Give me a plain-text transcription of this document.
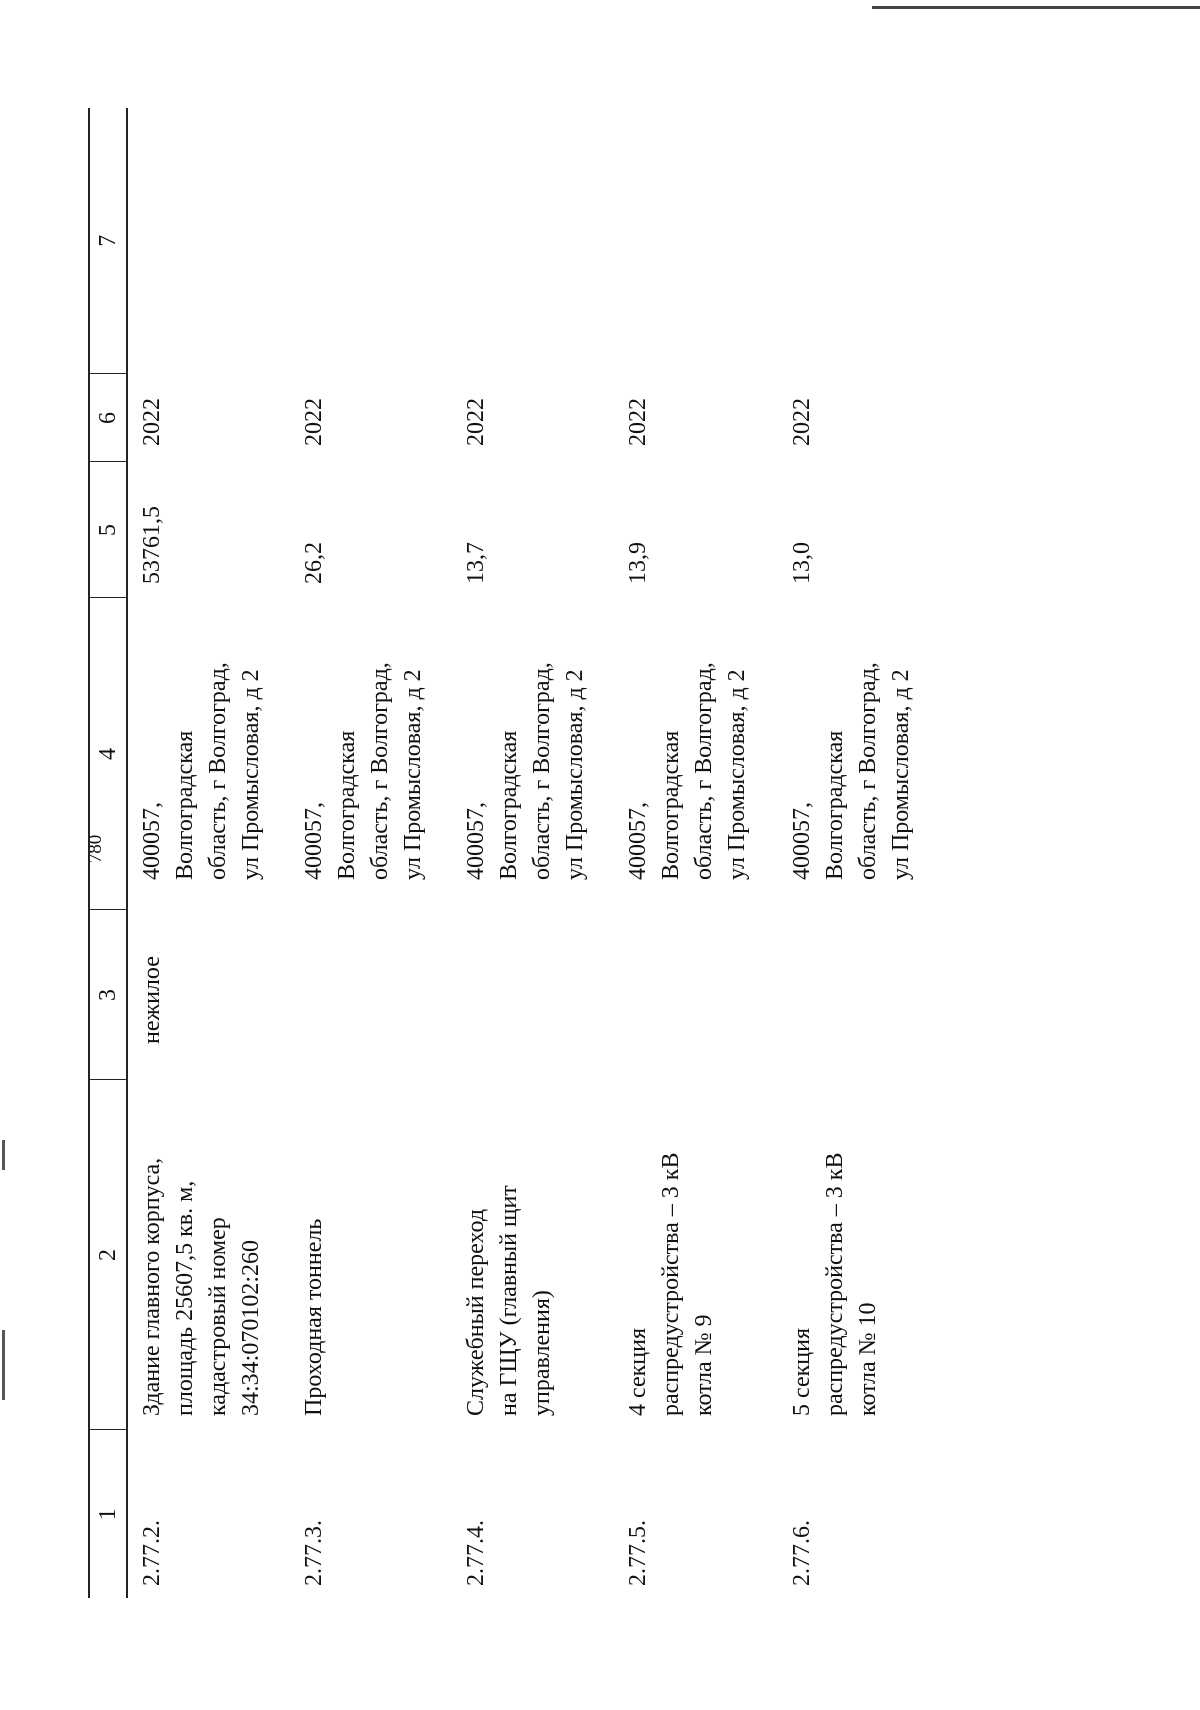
780
1	2	3	4	5	6	7
2.77.2.	Здание главного корпуса, площадь 25607,5 кв. м, кадастровый номер 34:34:070102:260	нежилое	400057, Волгоградская область, г Волгоград, ул Промысловая, д 2	53761,5	2022	
2.77.3.	Проходная тоннель		400057, Волгоградская область, г Волгоград, ул Промысловая, д 2	26,2	2022	
2.77.4.	Служебный переход на ГЩУ (главный щит управления)		400057, Волгоградская область, г Волгоград, ул Промысловая, д 2	13,7	2022	
2.77.5.	4 секция распредустройства – 3 кВ котла № 9		400057, Волгоградская область, г Волгоград, ул Промысловая, д 2	13,9	2022	
2.77.6.	5 секция распредустройства – 3 кВ котла № 10		400057, Волгоградская область, г Волгоград, ул Промысловая, д 2	13,0	2022	
